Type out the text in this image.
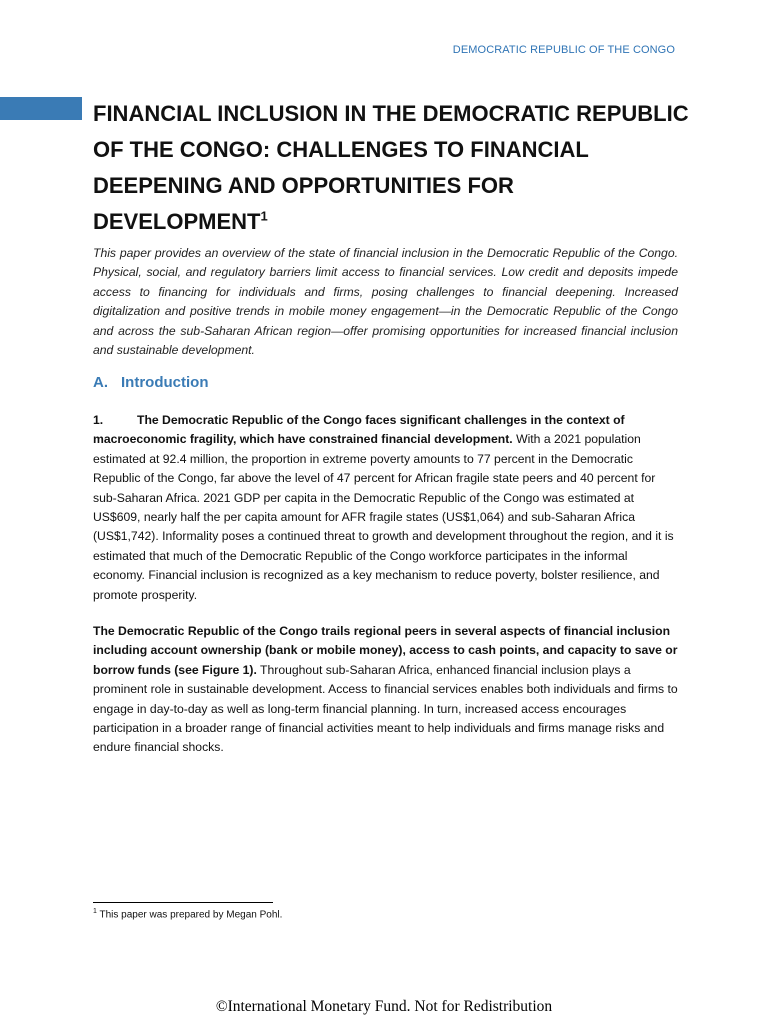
DEMOCRATIC REPUBLIC OF THE CONGO
FINANCIAL INCLUSION IN THE DEMOCRATIC REPUBLIC OF THE CONGO: CHALLENGES TO FINANCIAL DEEPENING AND OPPORTUNITIES FOR DEVELOPMENT$^1$

This paper provides an overview of the state of financial inclusion in the Democratic Republic of the Congo. Physical, social, and regulatory barriers limit access to financial services. Low credit and deposits impede access to financing for individuals and firms, posing challenges to financial deepening. Increased digitalization and positive trends in mobile money engagement—in the Democratic Republic of the Congo and across the sub-Saharan African region—offer promising opportunities for increased financial inclusion and sustainable development.

A. Introduction

1.	The Democratic Republic of the Congo faces significant challenges in the context of macroeconomic fragility, which have constrained financial development. With a 2021 population estimated at 92.4 million, the proportion in extreme poverty amounts to 77 percent in the Democratic Republic of the Congo, far above the level of 47 percent for African fragile state peers and 40 percent for sub-Saharan Africa. 2021 GDP per capita in the Democratic Republic of the Congo was estimated at US$609, nearly half the per capita amount for AFR fragile states (US$1,064) and sub-Saharan Africa (US$1,742). Informality poses a continued threat to growth and development throughout the region, and it is estimated that much of the Democratic Republic of the Congo workforce participates in the informal economy. Financial inclusion is recognized as a key mechanism to reduce poverty, bolster resilience, and promote prosperity.

The Democratic Republic of the Congo trails regional peers in several aspects of financial inclusion including account ownership (bank or mobile money), access to cash points, and capacity to save or borrow funds (see Figure 1). Throughout sub-Saharan Africa, enhanced financial inclusion plays a prominent role in sustainable development. Access to financial services enables both individuals and firms to engage in day-to-day as well as long-term financial planning. In turn, increased access encourages participation in a broader range of financial activities meant to help individuals and firms manage risks and endure financial shocks.

$^1$ This paper was prepared by Megan Pohl.

©International Monetary Fund. Not for Redistribution
